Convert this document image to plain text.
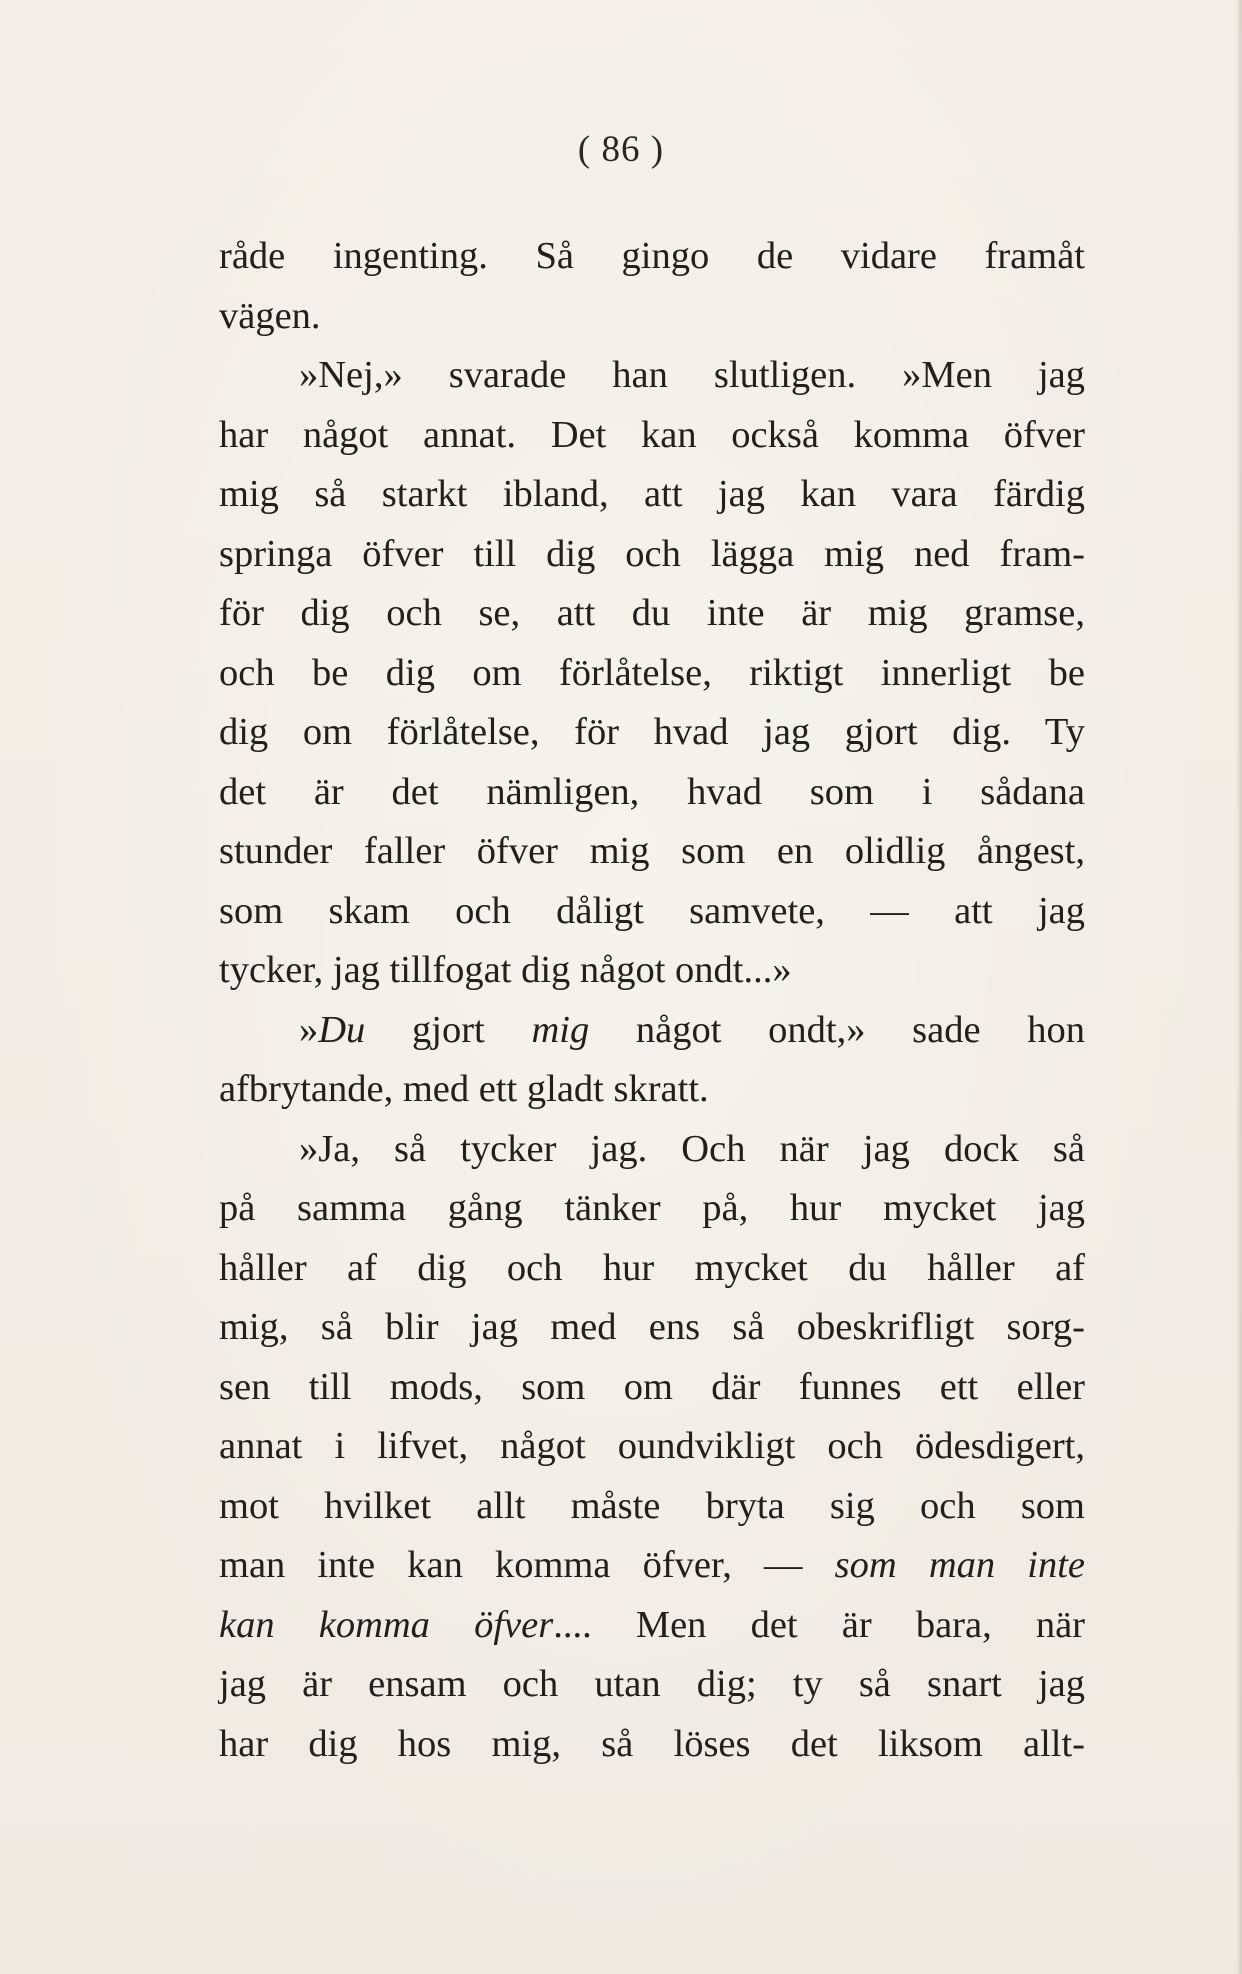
( 86 )
råde ingenting. Så gingo de vidare framåt
vägen.
»Nej,» svarade han slutligen. »Men jag
har något annat. Det kan också komma öfver
mig så starkt ibland, att jag kan vara färdig
springa öfver till dig och lägga mig ned fram-
för dig och se, att du inte är mig gramse,
och be dig om förlåtelse, riktigt innerligt be
dig om förlåtelse, för hvad jag gjort dig. Ty
det är det nämligen, hvad som i sådana
stunder faller öfver mig som en olidlig ångest,
som skam och dåligt samvete, — att jag
tycker, jag tillfogat dig något ondt...»
»Du gjort mig något ondt,» sade hon
afbrytande, med ett gladt skratt.
»Ja, så tycker jag. Och när jag dock så
på samma gång tänker på, hur mycket jag
håller af dig och hur mycket du håller af
mig, så blir jag med ens så obeskrifligt sorg-
sen till mods, som om där funnes ett eller
annat i lifvet, något oundvikligt och ödesdigert,
mot hvilket allt måste bryta sig och som
man inte kan komma öfver, — som man inte
kan komma öfver.... Men det är bara, när
jag är ensam och utan dig; ty så snart jag
har dig hos mig, så löses det liksom allt-
